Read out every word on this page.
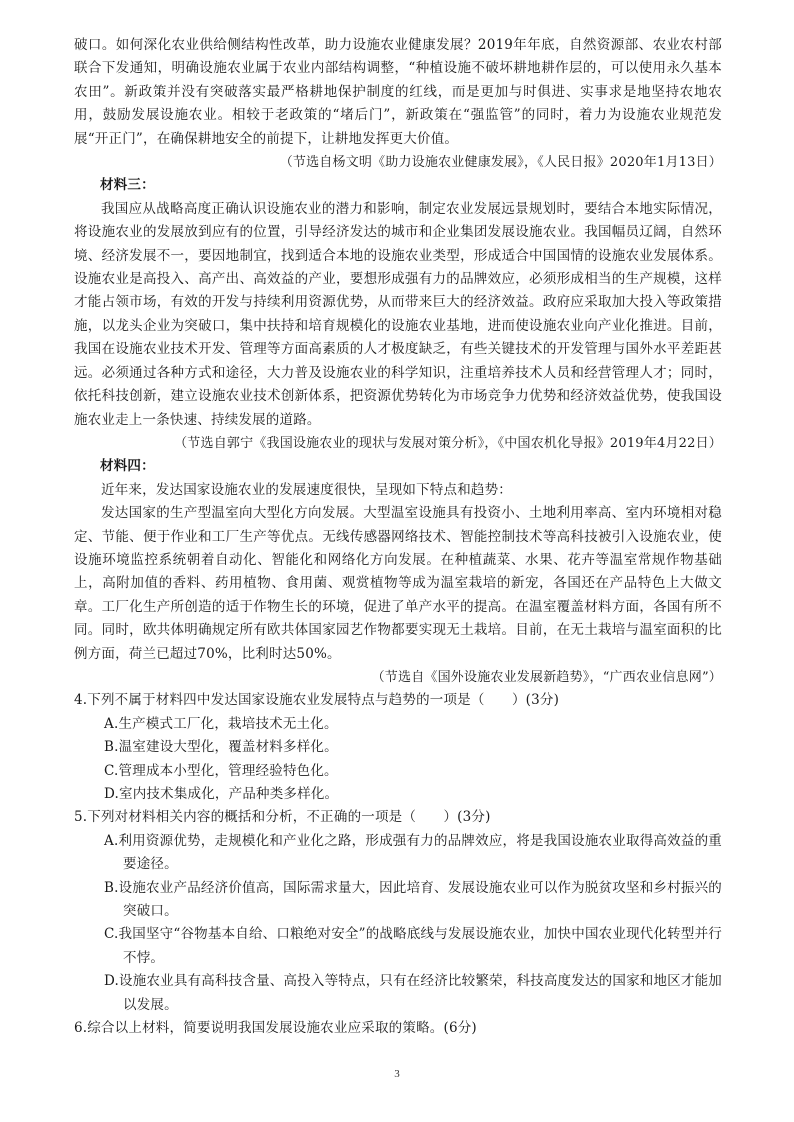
破口。如何深化农业供给侧结构性改革，助力设施农业健康发展？2019年年底，自然资源部、农业农村部联合下发通知，明确设施农业属于农业内部结构调整，“种植设施不破坏耕地耕作层的，可以使用永久基本农田”。新政策并没有突破落实最严格耕地保护制度的红线，而是更加与时俱进、实事求是地坚持农地农用，鼓励发展设施农业。相较于老政策的“堵后门”，新政策在“强监管”的同时，着力为设施农业规范发展“开正门”，在确保耕地安全的前提下，让耕地发挥更大价值。

（节选自杨文明《助力设施农业健康发展》，《人民日报》2020年1月13日）

材料三：

我国应从战略高度正确认识设施农业的潜力和影响，制定农业发展远景规划时，要结合本地实际情况，将设施农业的发展放到应有的位置，引导经济发达的城市和企业集团发展设施农业。我国幅员辽阔，自然环境、经济发展不一，要因地制宜，找到适合本地的设施农业类型，形成适合中国国情的设施农业发展体系。设施农业是高投入、高产出、高效益的产业，要想形成强有力的品牌效应，必须形成相当的生产规模，这样才能占领市场，有效的开发与持续利用资源优势，从而带来巨大的经济效益。政府应采取加大投入等政策措施，以龙头企业为突破口，集中扶持和培育规模化的设施农业基地，进而使设施农业向产业化推进。目前，我国在设施农业技术开发、管理等方面高素质的人才极度缺乏，有些关键技术的开发管理与国外水平差距甚远。必须通过各种方式和途径，大力普及设施农业的科学知识，注重培养技术人员和经营管理人才；同时，依托科技创新，建立设施农业技术创新体系，把资源优势转化为市场竞争力优势和经济效益优势，使我国设施农业走上一条快速、持续发展的道路。

（节选自郭宁《我国设施农业的现状与发展对策分析》，《中国农机化导报》2019年4月22日）

材料四：

近年来，发达国家设施农业的发展速度很快，呈现如下特点和趋势：

发达国家的生产型温室向大型化方向发展。大型温室设施具有投资小、土地利用率高、室内环境相对稳定、节能、便于作业和工厂生产等优点。无线传感器网络技术、智能控制技术等高科技被引入设施农业，使设施环境监控系统朝着自动化、智能化和网络化方向发展。在种植蔬菜、水果、花卉等温室常规作物基础上，高附加值的香料、药用植物、食用菌、观赏植物等成为温室栽培的新宠，各国还在产品特色上大做文章。工厂化生产所创造的适于作物生长的环境，促进了单产水平的提高。在温室覆盖材料方面，各国有所不同。同时，欧共体明确规定所有欧共体国家园艺作物都要实现无土栽培。目前，在无土栽培与温室面积的比例方面，荷兰已超过70%，比利时达50%。

（节选自《国外设施农业发展新趋势》，“广西农业信息网”）

4.下列不属于材料四中发达国家设施农业发展特点与趋势的一项是（　　）(3分)

A.生产模式工厂化，栽培技术无土化。

B.温室建设大型化，覆盖材料多样化。

C.管理成本小型化，管理经验特色化。

D.室内技术集成化，产品种类多样化。

5.下列对材料相关内容的概括和分析，不正确的一项是（　　）(3分)

A.利用资源优势，走规模化和产业化之路，形成强有力的品牌效应，将是我国设施农业取得高效益的重要途径。

B.设施农业产品经济价值高，国际需求量大，因此培育、发展设施农业可以作为脱贫攻坚和乡村振兴的突破口。

C.我国坚守“谷物基本自给、口粮绝对安全”的战略底线与发展设施农业，加快中国农业现代化转型并行不悖。

D.设施农业具有高科技含量、高投入等特点，只有在经济比较繁荣，科技高度发达的国家和地区才能加以发展。

6.综合以上材料，简要说明我国发展设施农业应采取的策略。(6分)

3
